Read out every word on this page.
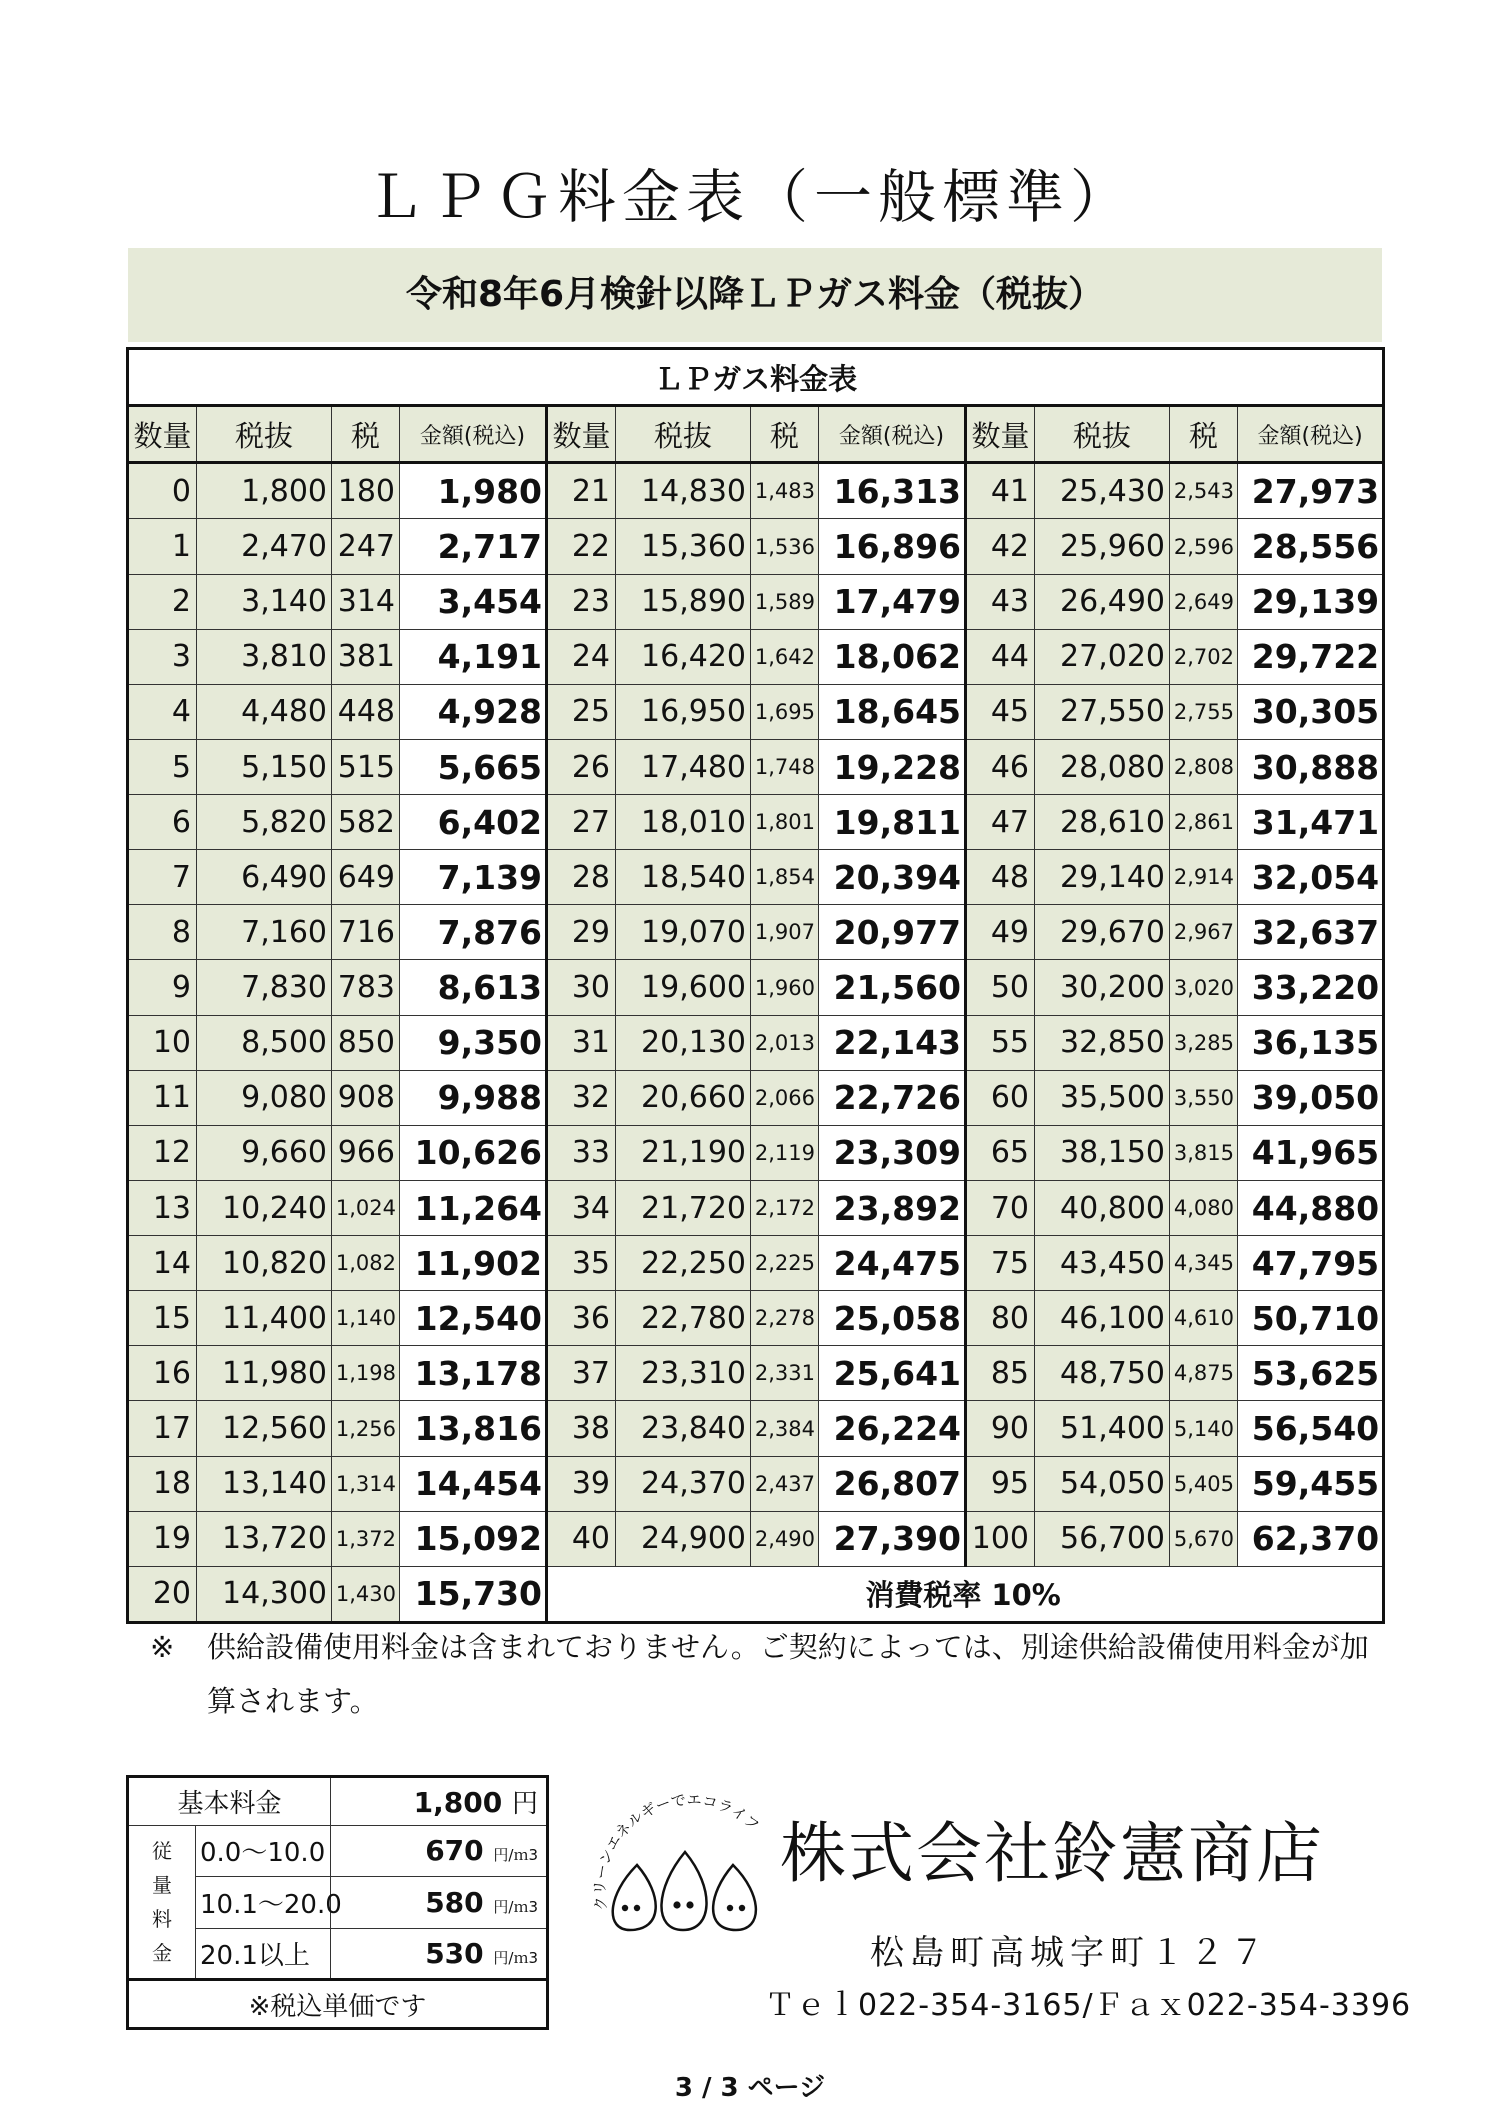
ＬＰＧ料金表（一般標準）
令和8年6月検針以降ＬＰガス料金（税抜）
ＬＰガス料金表											
数量	税抜	税	金額(税込)	数量	税抜	税	金額(税込)	数量	税抜	税	金額(税込)
0	1,800	180	1,980	21	14,830	1,483	16,313	41	25,430	2,543	27,973
1	2,470	247	2,717	22	15,360	1,536	16,896	42	25,960	2,596	28,556
2	3,140	314	3,454	23	15,890	1,589	17,479	43	26,490	2,649	29,139
3	3,810	381	4,191	24	16,420	1,642	18,062	44	27,020	2,702	29,722
4	4,480	448	4,928	25	16,950	1,695	18,645	45	27,550	2,755	30,305
5	5,150	515	5,665	26	17,480	1,748	19,228	46	28,080	2,808	30,888
6	5,820	582	6,402	27	18,010	1,801	19,811	47	28,610	2,861	31,471
7	6,490	649	7,139	28	18,540	1,854	20,394	48	29,140	2,914	32,054
8	7,160	716	7,876	29	19,070	1,907	20,977	49	29,670	2,967	32,637
9	7,830	783	8,613	30	19,600	1,960	21,560	50	30,200	3,020	33,220
10	8,500	850	9,350	31	20,130	2,013	22,143	55	32,850	3,285	36,135
11	9,080	908	9,988	32	20,660	2,066	22,726	60	35,500	3,550	39,050
12	9,660	966	10,626	33	21,190	2,119	23,309	65	38,150	3,815	41,965
13	10,240	1,024	11,264	34	21,720	2,172	23,892	70	40,800	4,080	44,880
14	10,820	1,082	11,902	35	22,250	2,225	24,475	75	43,450	4,345	47,795
15	11,400	1,140	12,540	36	22,780	2,278	25,058	80	46,100	4,610	50,710
16	11,980	1,198	13,178	37	23,310	2,331	25,641	85	48,750	4,875	53,625
17	12,560	1,256	13,816	38	23,840	2,384	26,224	90	51,400	5,140	56,540
18	13,140	1,314	14,454	39	24,370	2,437	26,807	95	54,050	5,405	59,455
19	13,720	1,372	15,092	40	24,900	2,490	27,390	100	56,700	5,670	62,370
20	14,300	1,430	15,730	消費税率 10%							
※ 供給設備使用料金は含まれておりません。ご契約によっては、別途供給設備使用料金が加算されます。
基本料金		1,800 円
従量料金	0.0～10.0	670 円/ｍ3
	10.1～20.0	580 円/ｍ3
	20.1以上	530 円/ｍ3
※税込単価です		
クリーンエネルギーでエコライフ 株式会社鈴憲商店
松島町高城字町１２７
Ｔｅｌ022-354-3165/Ｆａｘ022-354-3396
3 / 3 ページ
